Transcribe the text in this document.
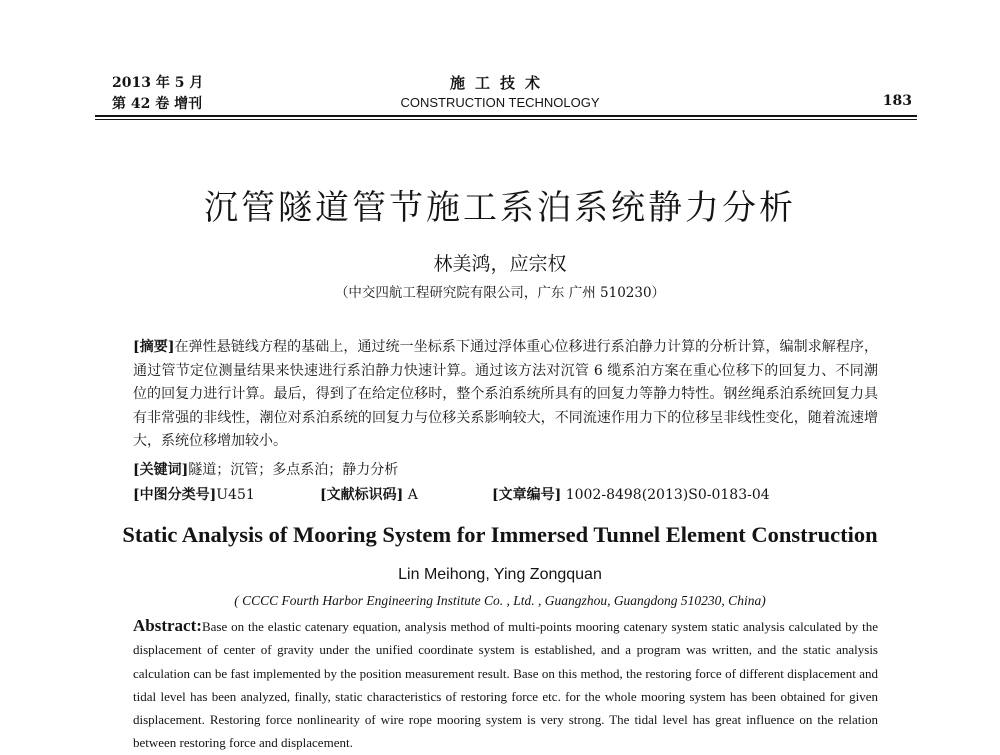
2013 年 5 月
第 42 卷 增刊
施工技术
CONSTRUCTION TECHNOLOGY	183
沉管隧道管节施工系泊系统静力分析
林美鸿，应宗权
（中交四航工程研究院有限公司，广东 广州 510230）
[摘要]在弹性悬链线方程的基础上，通过统一坐标系下通过浮体重心位移进行系泊静力计算的分析计算，编制求解程序，通过管节定位测量结果来快速进行系泊静力快速计算。通过该方法对沉管 6 缆系泊方案在重心位移下的回复力、不同潮位的回复力进行计算。最后，得到了在给定位移时，整个系泊系统所具有的回复力等静力特性。钢丝绳系泊系统回复力具有非常强的非线性，潮位对系泊系统的回复力与位移关系影响较大，不同流速作用力下的位移呈非线性变化，随着流速增大，系统位移增加较小。
[关键词]隧道；沉管；多点系泊；静力分析
[中图分类号]U451	[文献标识码] A	[文章编号] 1002-8498(2013)S0-0183-04
Static Analysis of Mooring System for Immersed Tunnel Element Construction
Lin Meihong, Ying Zongquan
( CCCC Fourth Harbor Engineering Institute Co. , Ltd. , Guangzhou, Guangdong 510230, China)
Abstract:Base on the elastic catenary equation, analysis method of multi-points mooring catenary system static analysis calculated by the displacement of center of gravity under the unified coordinate system is established, and a program was written, and the static analysis calculation can be fast implemented by the position measurement result. Base on this method, the restoring force of different displacement and tidal level has been analyzed, finally, static characteristics of restoring force etc. for the whole mooring system has been obtained for given displacement. Restoring force nonlinearity of wire rope mooring system is very strong. The tidal level has great influence on the relation between restoring force and displacement.
